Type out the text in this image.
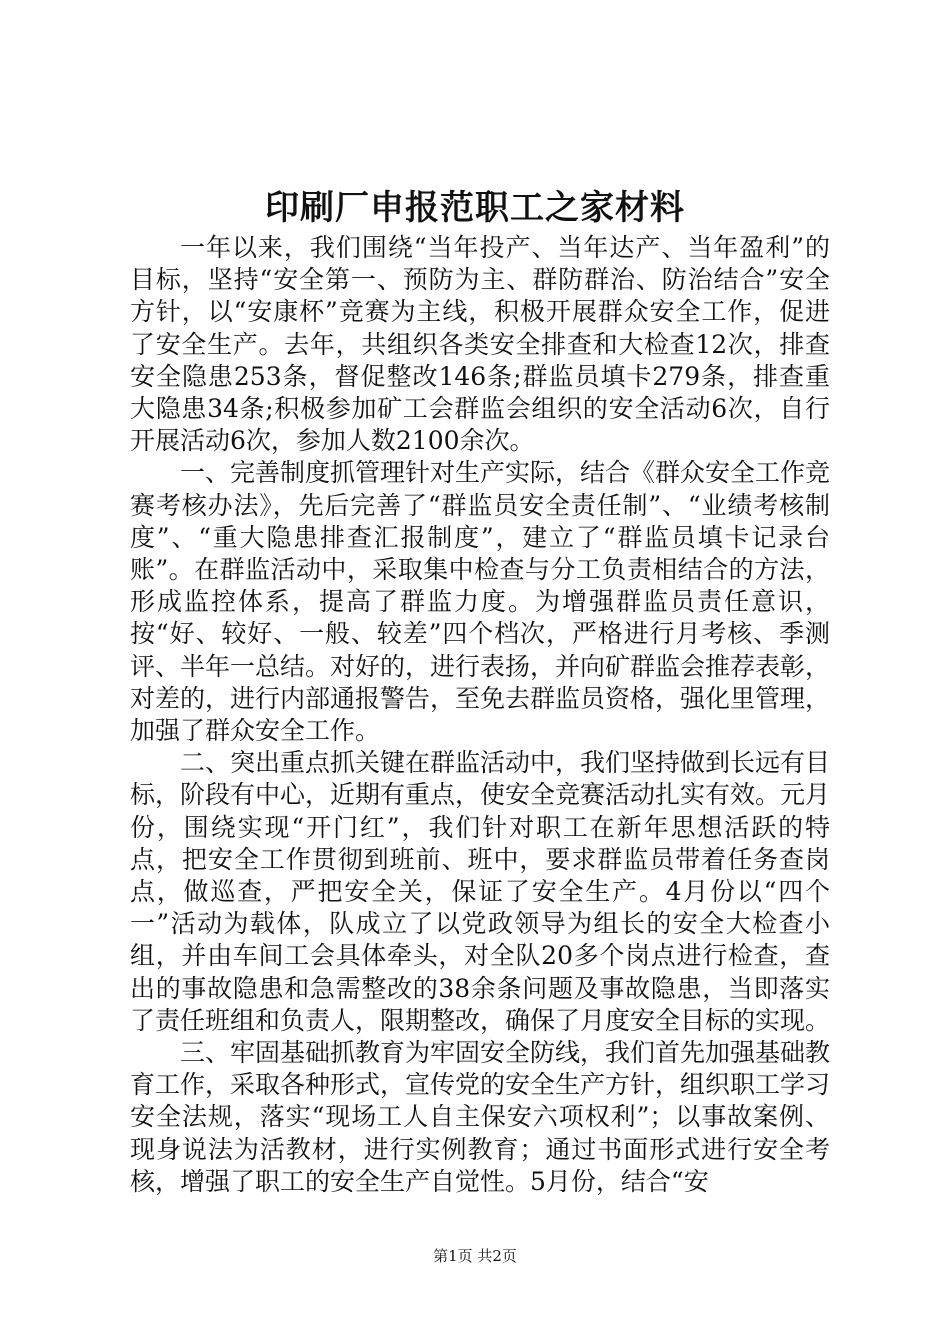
印刷厂申报范职工之家材料

一年以来，我们围绕“当年投产、当年达产、当年盈利”的目标，坚持“安全第一、预防为主、群防群治、防治结合”安全方针，以“安康杯”竞赛为主线，积极开展群众安全工作，促进了安全生产。去年，共组织各类安全排查和大检查12次，排查安全隐患253条，督促整改146条;群监员填卡279条，排查重大隐患34条;积极参加矿工会群监会组织的安全活动6次，自行开展活动6次，参加人数2100余次。

一、完善制度抓管理针对生产实际，结合《群众安全工作竞赛考核办法》，先后完善了“群监员安全责任制”、“业绩考核制度”、“重大隐患排查汇报制度”，建立了“群监员填卡记录台账”。在群监活动中，采取集中检查与分工负责相结合的方法，形成监控体系，提高了群监力度。为增强群监员责任意识，按“好、较好、一般、较差”四个档次，严格进行月考核、季测评、半年一总结。对好的，进行表扬，并向矿群监会推荐表彰，对差的，进行内部通报警告，至免去群监员资格，强化里管理，加强了群众安全工作。

二、突出重点抓关键在群监活动中，我们坚持做到长远有目标，阶段有中心，近期有重点，使安全竞赛活动扎实有效。元月份，围绕实现“开门红”，我们针对职工在新年思想活跃的特点，把安全工作贯彻到班前、班中，要求群监员带着任务查岗点，做巡查，严把安全关，保证了安全生产。4月份以“四个一”活动为载体，队成立了以党政领导为组长的安全大检查小组，并由车间工会具体牵头，对全队20多个岗点进行检查，查出的事故隐患和急需整改的38余条问题及事故隐患，当即落实了责任班组和负责人，限期整改，确保了月度安全目标的实现。

三、牢固基础抓教育为牢固安全防线，我们首先加强基础教育工作，采取各种形式，宣传党的安全生产方针，组织职工学习安全法规，落实“现场工人自主保安六项权利”；以事故案例、现身说法为活教材，进行实例教育；通过书面形式进行安全考核，增强了职工的安全生产自觉性。5月份，结合“安

第1页 共2页
